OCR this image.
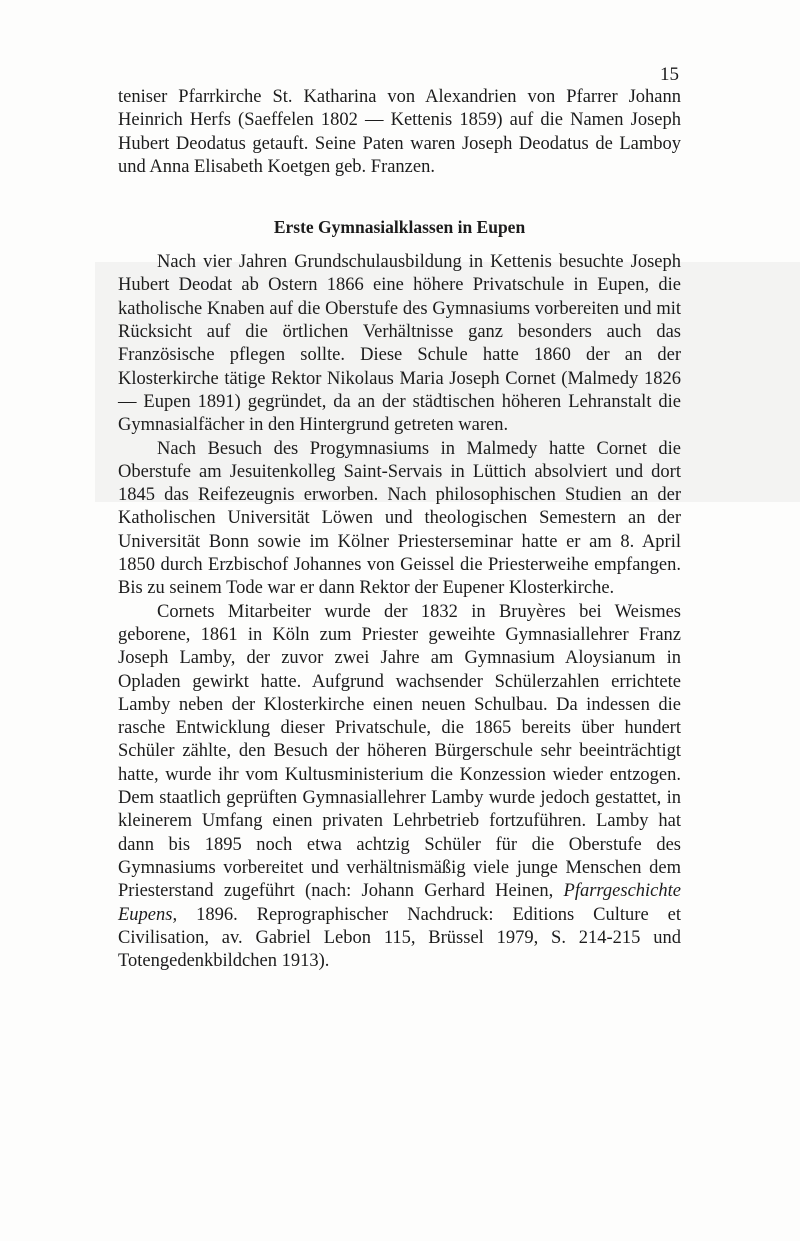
15

teniser Pfarrkirche St. Katharina von Alexandrien von Pfarrer Johann Heinrich Herfs (Saeffelen 1802 — Kettenis 1859) auf die Namen Joseph Hubert Deodatus getauft. Seine Paten waren Joseph Deodatus de Lamboy und Anna Elisabeth Koetgen geb. Franzen.

Erste Gymnasialklassen in Eupen

Nach vier Jahren Grundschulausbildung in Kettenis besuchte Joseph Hubert Deodat ab Ostern 1866 eine höhere Privatschule in Eupen, die katholische Knaben auf die Oberstufe des Gymnasiums vorbereiten und mit Rücksicht auf die örtlichen Verhältnisse ganz besonders auch das Französische pflegen sollte. Diese Schule hatte 1860 der an der Klosterkirche tätige Rektor Nikolaus Maria Joseph Cornet (Malmedy 1826 — Eupen 1891) gegründet, da an der städtischen höheren Lehranstalt die Gymnasialfächer in den Hintergrund getreten waren.

Nach Besuch des Progymnasiums in Malmedy hatte Cornet die Oberstufe am Jesuitenkolleg Saint-Servais in Lüttich absolviert und dort 1845 das Reifezeugnis erworben. Nach philosophischen Studien an der Katholischen Universität Löwen und theologischen Semestern an der Universität Bonn sowie im Kölner Priesterseminar hatte er am 8. April 1850 durch Erzbischof Johannes von Geissel die Priesterweihe empfangen. Bis zu seinem Tode war er dann Rektor der Eupener Klosterkirche.

Cornets Mitarbeiter wurde der 1832 in Bruyères bei Weismes geborene, 1861 in Köln zum Priester geweihte Gymnasiallehrer Franz Joseph Lamby, der zuvor zwei Jahre am Gymnasium Aloysianum in Opladen gewirkt hatte. Aufgrund wachsender Schülerzahlen errichtete Lamby neben der Klosterkirche einen neuen Schulbau. Da indessen die rasche Entwicklung dieser Privatschule, die 1865 bereits über hundert Schüler zählte, den Besuch der höheren Bürgerschule sehr beeinträchtigt hatte, wurde ihr vom Kultusministerium die Konzession wieder entzogen. Dem staatlich geprüften Gymnasiallehrer Lamby wurde jedoch gestattet, in kleinerem Umfang einen privaten Lehrbetrieb fortzuführen. Lamby hat dann bis 1895 noch etwa achtzig Schüler für die Oberstufe des Gymnasiums vorbereitet und verhältnismäßig viele junge Menschen dem Priesterstand zugeführt (nach: Johann Gerhard Heinen, Pfarrgeschichte Eupens, 1896. Reprographischer Nachdruck: Editions Culture et Civilisation, av. Gabriel Lebon 115, Brüssel 1979, S. 214-215 und Totengedenkbildchen 1913).
